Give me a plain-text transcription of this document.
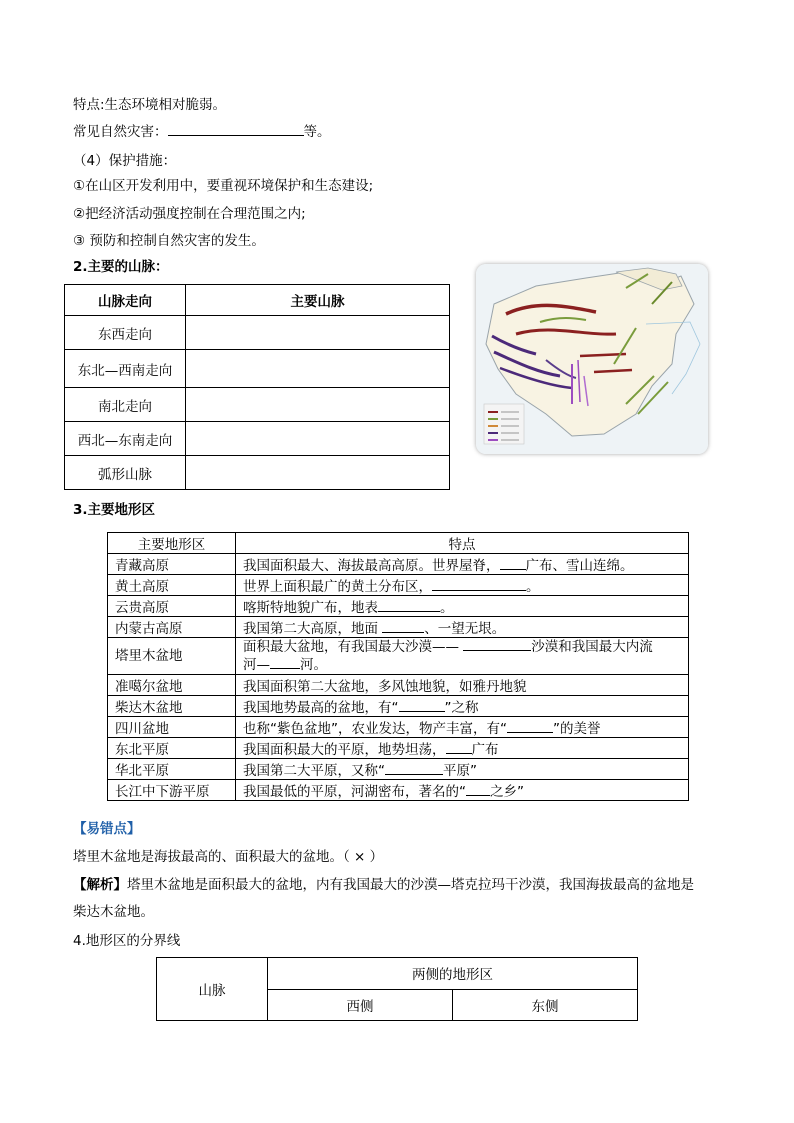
特点:生态环境相对脆弱。
常见自然灾害：	等。
（4）保护措施：
①在山区开发利用中，要重视环境保护和生态建设;
②把经济活动强度控制在合理范围之内;
③ 预防和控制自然灾害的发生。
2.主要的山脉：
山脉走向	主要山脉
东西走向	
东北—西南走向	
南北走向	
西北—东南走向	
弧形山脉	
3.主要地形区
主要地形区	特点
青藏高原	我国面积最大、海拔最高高原。世界屋脊， 广布、雪山连绵。
黄土高原	世界上面积最广的黄土分布区， 。
云贵高原	喀斯特地貌广布，地表 。
内蒙古高原	我国第二大高原，地面 、一望无垠。
塔里木盆地	面积最大盆地，有我国最大沙漠—— 沙漠和我国最大内流
河— 河。
准噶尔盆地	我国面积第二大盆地，多风蚀地貌，如雅丹地貌
柴达木盆地	我国地势最高的盆地，有“ ”之称
四川盆地	也称“紫色盆地”，农业发达，物产丰富，有“ ”的美誉
东北平原	我国面积最大的平原，地势坦荡， 广布
华北平原	我国第二大平原，又称“ 平原”
长江中下游平原	我国最低的平原，河湖密布，著名的“ 之乡”
【易错点】
塔里木盆地是海拔最高的、面积最大的盆地。（ × ）
【解析】塔里木盆地是面积最大的盆地，内有我国最大的沙漠—塔克拉玛干沙漠，我国海拔最高的盆地是
柴达木盆地。
4.地形区的分界线
山脉	两侧的地形区	
	西侧	东侧
